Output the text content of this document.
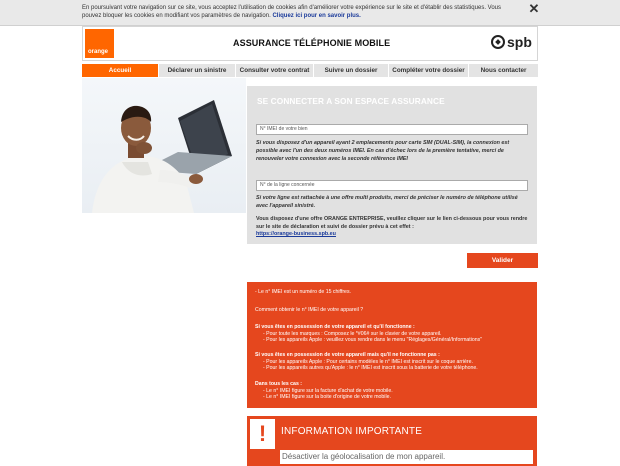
En poursuivant votre navigation sur ce site, vous acceptez l'utilisation de cookies afin d'améliorer votre expérience sur le site et d'établir des statistiques. Vous pouvez bloquer les cookies en modifiant vos paramètres de navigation. Cliquez ici pour en savoir plus.	✕
orange
ASSURANCE TÉLÉPHONIE MOBILE	spb
Accueil	Déclarer un sinistre	Consulter votre contrat	Suivre un dossier	Compléter votre dossier	Nous contacter
SE CONNECTER A SON ESPACE ASSURANCE
N° IMEI de votre bien
Si vous disposez d'un appareil ayant 2 emplacements pour carte SIM (DUAL-SIM), la connexion est possible avec l'un des deux numéros IMEI. En cas d'échec lors de la première tentative, merci de renouveler votre connexion avec la seconde référence IMEI
N° de la ligne concernée
Si votre ligne est rattachée à une offre multi produits, merci de préciser le numéro de téléphone utilisé avec l'appareil sinistré.
Vous disposez d'une offre ORANGE ENTREPRISE, veuillez cliquer sur le lien ci-dessous pour vous rendre sur le site de déclaration et suivi de dossier prévu à cet effet :
https://orange-business.spb.eu
Valider
- Le n° IMEI est un numéro de 15 chiffres.
Comment obtenir le n° IMEI de votre appareil ?
Si vous êtes en possession de votre appareil et qu'il fonctionne :
- Pour toute les marques : Composez le *#06# sur le clavier de votre appareil.
- Pour les appareils Apple : veuillez vous rendre dans le menu "Réglages/Général/Informations"
Si vous êtes en possession de votre appareil mais qu'il ne fonctionne pas :
- Pour les appareils Apple : Pour certains modèles le n° IMEI est inscrit sur le coque arrière.
- Pour les appareils autres qu'Apple : le n° IMEI est inscrit sous la batterie de votre téléphone.
Dans tous les cas :
- Le n° IMEI figure sur la facture d'achat de votre mobile.
- Le n° IMEI figure sur la boite d'origine de votre mobile.
!	INFORMATION IMPORTANTE
Désactiver la géolocalisation de mon appareil.
